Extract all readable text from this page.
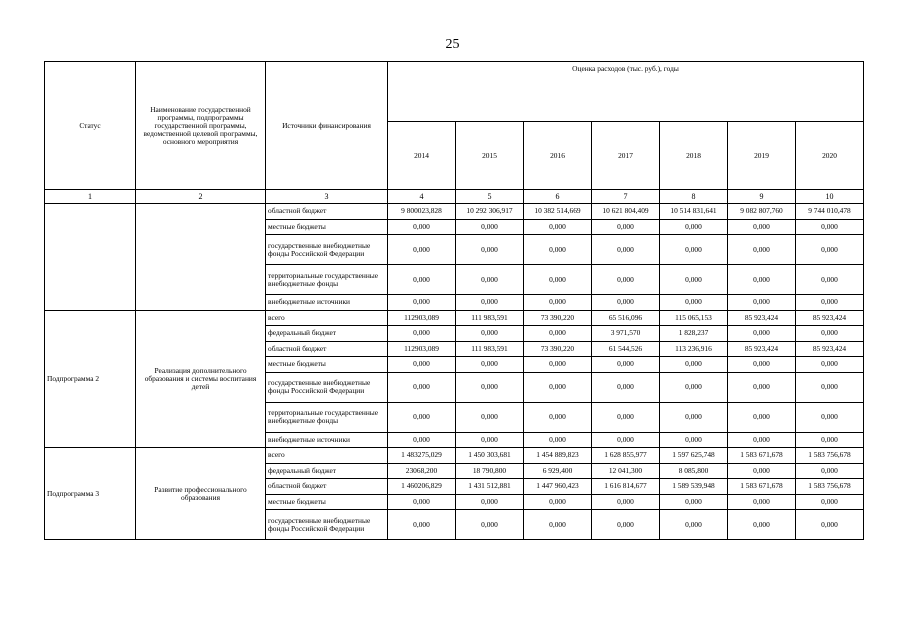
25
Статус	Наименование государственной программы, подпрограммы государственной программы, ведомственной целевой программы, основного мероприятия	Источники финансирования	Оценка расходов (тыс. руб.), годы						
			2014	2015	2016	2017	2018	2019	2020
1	2	3	4	5	6	7	8	9	10
		областной бюджет	9 800023,828	10 292 306,917	10 382 514,669	10 621 804,409	10 514 831,641	9 082 807,760	9 744 010,478
		местные бюджеты	0,000	0,000	0,000	0,000	0,000	0,000	0,000
		государственные внебюджетные фонды Российской Федерации	0,000	0,000	0,000	0,000	0,000	0,000	0,000
		территориальные государственные внебюджетные фонды	0,000	0,000	0,000	0,000	0,000	0,000	0,000
		внебюджетные источники	0,000	0,000	0,000	0,000	0,000	0,000	0,000
Подпрограмма 2	Реализация дополнительного образования и системы воспитания детей	всего	112903,089	111 983,591	73 390,220	65 516,096	115 065,153	85 923,424	85 923,424
		федеральный бюджет	0,000	0,000	0,000	3 971,570	1 828,237	0,000	0,000
		областной бюджет	112903,089	111 983,591	73 390,220	61 544,526	113 236,916	85 923,424	85 923,424
		местные бюджеты	0,000	0,000	0,000	0,000	0,000	0,000	0,000
		государственные внебюджетные фонды Российской Федерации	0,000	0,000	0,000	0,000	0,000	0,000	0,000
		территориальные государственные внебюджетные фонды	0,000	0,000	0,000	0,000	0,000	0,000	0,000
		внебюджетные источники	0,000	0,000	0,000	0,000	0,000	0,000	0,000
Подпрограмма 3	Развитие профессионального образования	всего	1 483275,029	1 450 303,681	1 454 889,823	1 628 855,977	1 597 625,748	1 583 671,678	1 583 756,678
		федеральный бюджет	23068,200	18 790,800	6 929,400	12 041,300	8 085,800	0,000	0,000
		областной бюджет	1 460206,829	1 431 512,881	1 447 960,423	1 616 814,677	1 589 539,948	1 583 671,678	1 583 756,678
		местные бюджеты	0,000	0,000	0,000	0,000	0,000	0,000	0,000
		государственные внебюджетные фонды Российской Федерации	0,000	0,000	0,000	0,000	0,000	0,000	0,000
